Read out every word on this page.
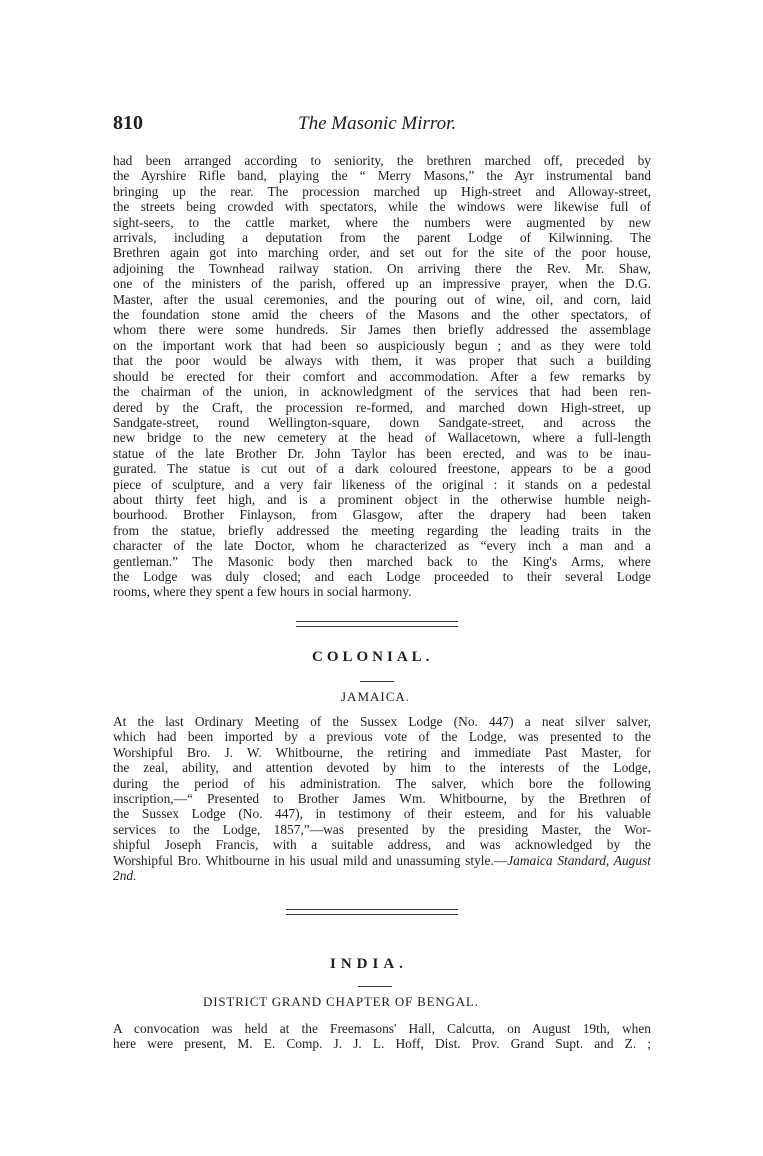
810	The Masonic Mirror.

had been arranged according to seniority, the brethren marched off, preceded by

the Ayrshire Rifle band, playing the “ Merry Masons,” the Ayr instrumental band

bringing up the rear. The procession marched up High-street and Alloway-street,

the streets being crowded with spectators, while the windows were likewise full of

sight-seers, to the cattle market, where the numbers were augmented by new

arrivals, including a deputation from the parent Lodge of Kilwinning. The

Brethren again got into marching order, and set out for the site of the poor house,

adjoining the Townhead railway station. On arriving there the Rev. Mr. Shaw,

one of the ministers of the parish, offered up an impressive prayer, when the D.G.

Master, after the usual ceremonies, and the pouring out of wine, oil, and corn, laid

the foundation stone amid the cheers of the Masons and the other spectators, of

whom there were some hundreds. Sir James then briefly addressed the assemblage

on the important work that had been so auspiciously begun ; and as they were told

that the poor would be always with them, it was proper that such a building

should be erected for their comfort and accommodation. After a few remarks by

the chairman of the union, in acknowledgment of the services that had been ren-

dered by the Craft, the procession re-formed, and marched down High-street, up

Sandgate-street, round Wellington-square, down Sandgate-street, and across the

new bridge to the new cemetery at the head of Wallacetown, where a full-length

statue of the late Brother Dr. John Taylor has been erected, and was to be inau-

gurated. The statue is cut out of a dark coloured freestone, appears to be a good

piece of sculpture, and a very fair likeness of the original : it stands on a pedestal

about thirty feet high, and is a prominent object in the otherwise humble neigh-

bourhood. Brother Finlayson, from Glasgow, after the drapery had been taken

from the statue, briefly addressed the meeting regarding the leading traits in the

character of the late Doctor, whom he characterized as “every inch a man and a

gentleman.” The Masonic body then marched back to the King's Arms, where

the Lodge was duly closed; and each Lodge proceeded to their several Lodge

rooms, where they spent a few hours in social harmony.

COLONIAL.
JAMAICA.

At the last Ordinary Meeting of the Sussex Lodge (No. 447) a neat silver salver,

which had been imported by a previous vote of the Lodge, was presented to the

Worshipful Bro. J. W. Whitbourne, the retiring and immediate Past Master, for

the zeal, ability, and attention devoted by him to the interests of the Lodge,

during the period of his administration. The salver, which bore the following

inscription,—“ Presented to Brother James Wm. Whitbourne, by the Brethren of

the Sussex Lodge (No. 447), in testimony of their esteem, and for his valuable

services to the Lodge, 1857,”—was presented by the presiding Master, the Wor-

shipful Joseph Francis, with a suitable address, and was acknowledged by the

Worshipful Bro. Whitbourne in his usual mild and unassuming style.—Jamaica Standard, August 2nd.

INDIA.
DISTRICT GRAND CHAPTER OF BENGAL.

A convocation was held at the Freemasons' Hall, Calcutta, on August 19th, when

here were present, M. E. Comp. J. J. L. Hoff, Dist. Prov. Grand Supt. and Z. ;
